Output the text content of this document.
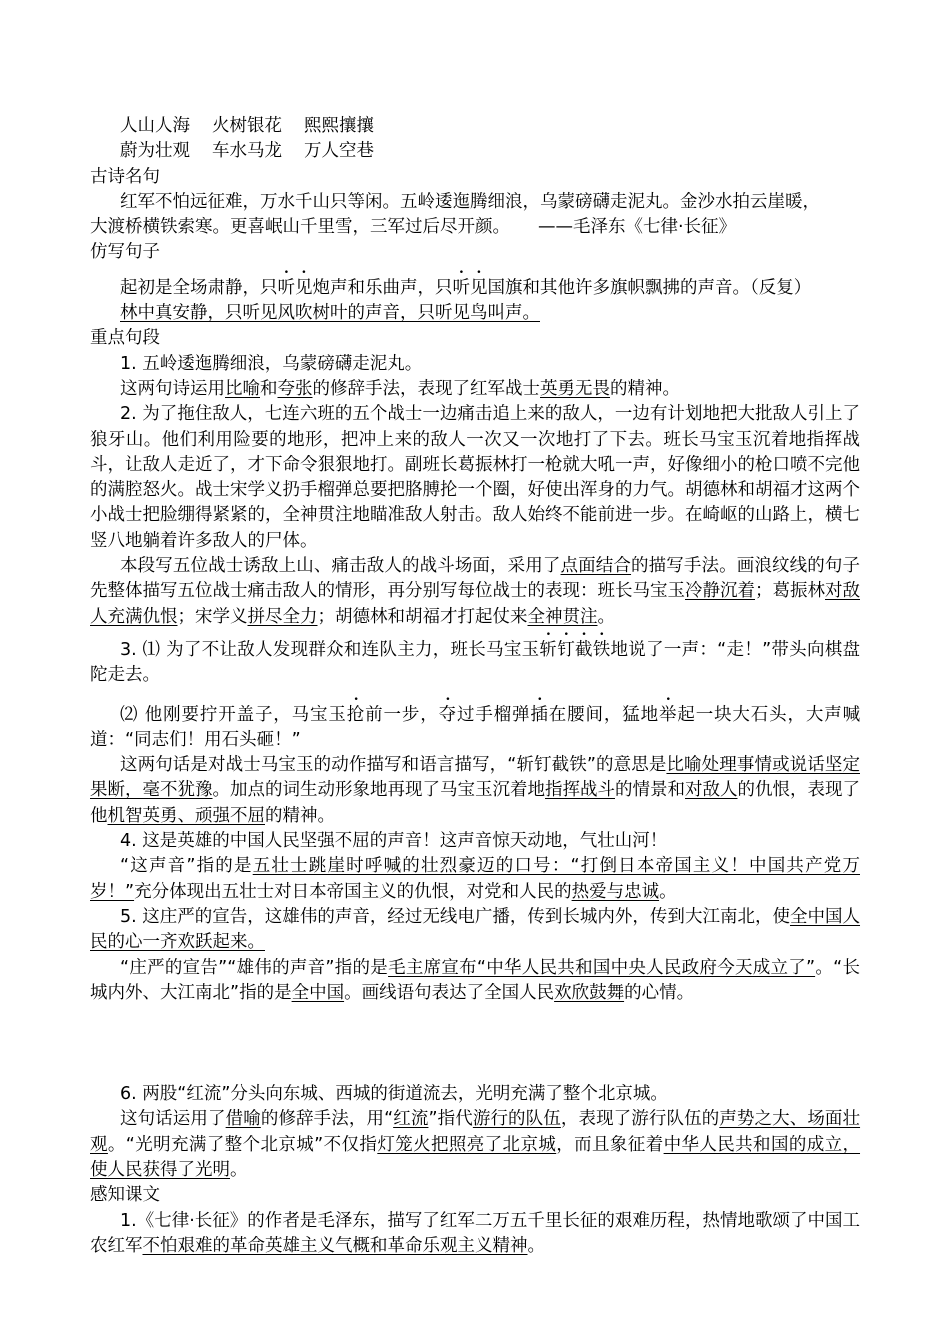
人山人海 火树银花 熙熙攘攘

蔚为壮观 车水马龙 万人空巷

古诗名句

红军不怕远征难，万水千山只等闲。五岭逶迤腾细浪，乌蒙磅礴走泥丸。金沙水拍云崖暖，

大渡桥横铁索寒。更喜岷山千里雪，三军过后尽开颜。 ——毛泽东《七律·长征》

仿写句子

起初是全场肃静，只听见炮声和乐曲声，只听见国旗和其他许多旗帜飘拂的声音。（反复）

林中真安静，只听见风吹树叶的声音，只听见鸟叫声。

重点句段

1. 五岭逶迤腾细浪，乌蒙磅礴走泥丸。

这两句诗运用比喻和夸张的修辞手法，表现了红军战士英勇无畏的精神。

2. 为了拖住敌人，七连六班的五个战士一边痛击追上来的敌人，一边有计划地把大批敌人引上了狼牙山。他们利用险要的地形，把冲上来的敌人一次又一次地打了下去。班长马宝玉沉着地指挥战斗，让敌人走近了，才下命令狠狠地打。副班长葛振林打一枪就大吼一声，好像细小的枪口喷不完他的满腔怒火。战士宋学义扔手榴弹总要把胳膊抡一个圈，好使出浑身的力气。胡德林和胡福才这两个小战士把脸绷得紧紧的，全神贯注地瞄准敌人射击。敌人始终不能前进一步。在崎岖的山路上，横七竖八地躺着许多敌人的尸体。

本段写五位战士诱敌上山、痛击敌人的战斗场面，采用了点面结合的描写手法。画浪纹线的句子先整体描写五位战士痛击敌人的情形，再分别写每位战士的表现：班长马宝玉冷静沉着；葛振林对敌人充满仇恨；宋学义拼尽全力；胡德林和胡福才打起仗来全神贯注。

3. ⑴ 为了不让敌人发现群众和连队主力，班长马宝玉斩钉截铁地说了一声：“走！”带头向棋盘陀走去。

⑵ 他刚要拧开盖子，马宝玉抢前一步，夺过手榴弹插在腰间，猛地举起一块大石头，大声喊道：“同志们！用石头砸！”

这两句话是对战士马宝玉的动作描写和语言描写，“斩钉截铁”的意思是比喻处理事情或说话坚定果断，毫不犹豫。加点的词生动形象地再现了马宝玉沉着地指挥战斗的情景和对敌人的仇恨，表现了他机智英勇、顽强不屈的精神。

4. 这是英雄的中国人民坚强不屈的声音！这声音惊天动地，气壮山河！

“这声音”指的是五壮士跳崖时呼喊的壮烈豪迈的口号：“打倒日本帝国主义！中国共产党万岁！”充分体现出五壮士对日本帝国主义的仇恨，对党和人民的热爱与忠诚。

5. 这庄严的宣告，这雄伟的声音，经过无线电广播，传到长城内外，传到大江南北，使全中国人民的心一齐欢跃起来。

“庄严的宣告”“雄伟的声音”指的是毛主席宣布“中华人民共和国中央人民政府今天成立了”。“长城内外、大江南北”指的是全中国。画线语句表达了全国人民欢欣鼓舞的心情。

6. 两股“红流”分头向东城、西城的街道流去，光明充满了整个北京城。

这句话运用了借喻的修辞手法，用“红流”指代游行的队伍，表现了游行队伍的声势之大、场面壮观。“光明充满了整个北京城”不仅指灯笼火把照亮了北京城，而且象征着中华人民共和国的成立，使人民获得了光明。

感知课文

1.《七律·长征》的作者是毛泽东，描写了红军二万五千里长征的艰难历程，热情地歌颂了中国工农红军不怕艰难的革命英雄主义气概和革命乐观主义精神。
